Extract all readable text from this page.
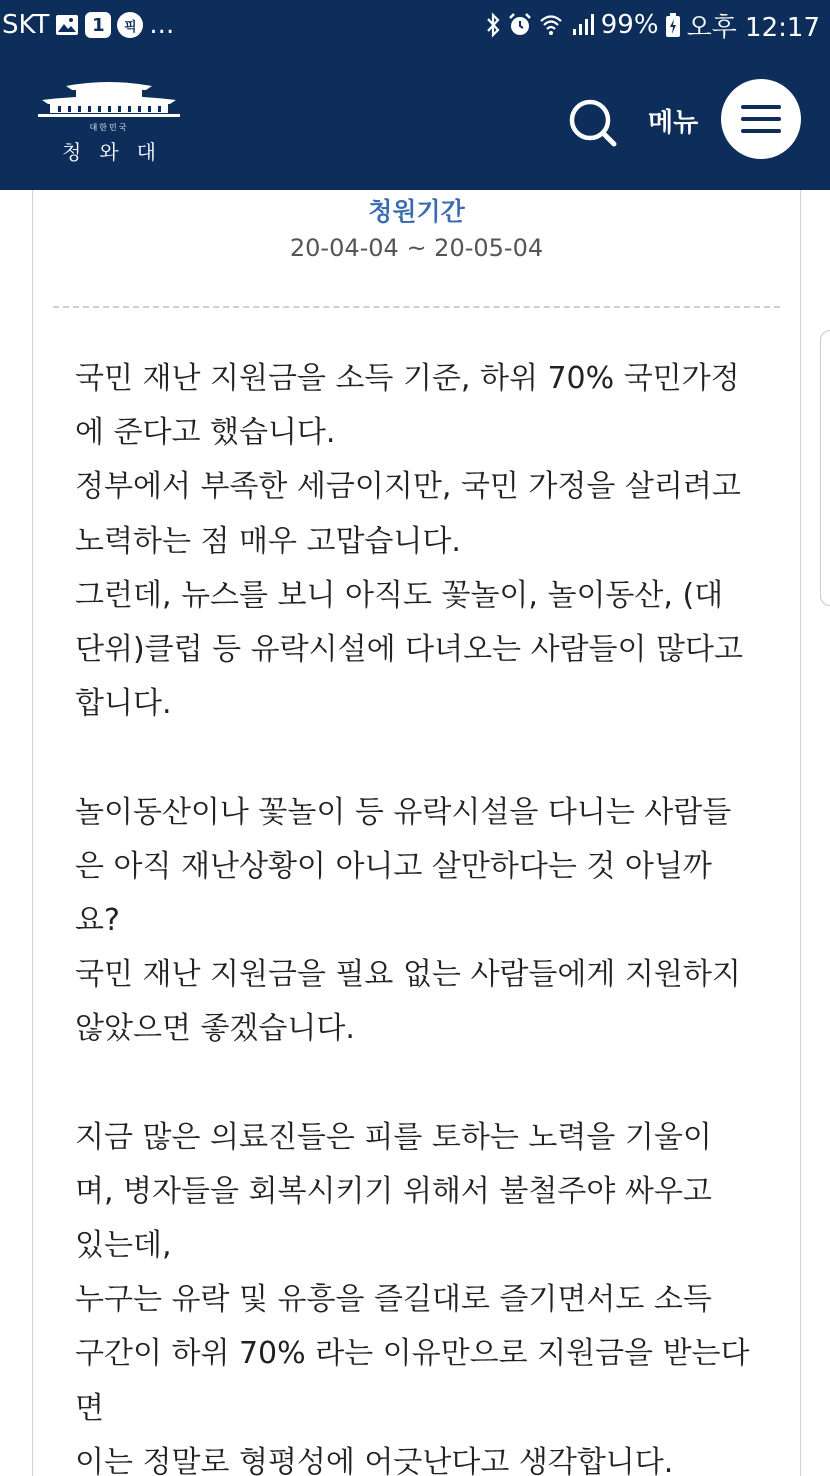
SKT	1	픽 ...	99% 오후 12:17
대한민국
청와대
메뉴
청원기간
20-04-04 ~ 20-05-04
국민 재난 지원금을 소득 기준, 하위 70% 국민가정
에 준다고 했습니다.
정부에서 부족한 세금이지만, 국민 가정을 살리려고
노력하는 점 매우 고맙습니다.
그런데, 뉴스를 보니 아직도 꽃놀이, 놀이동산, (대
단위)클럽 등 유락시설에 다녀오는 사람들이 많다고
합니다.
놀이동산이나 꽃놀이 등 유락시설을 다니는 사람들
은 아직 재난상황이 아니고 살만하다는 것 아닐까
요?
국민 재난 지원금을 필요 없는 사람들에게 지원하지
않았으면 좋겠습니다.
지금 많은 의료진들은 피를 토하는 노력을 기울이
며, 병자들을 회복시키기 위해서 불철주야 싸우고
있는데,
누구는 유락 및 유흥을 즐길대로 즐기면서도 소득
구간이 하위 70% 라는 이유만으로 지원금을 받는다
면
이는 정말로 형평성에 어긋난다고 생각합니다.
